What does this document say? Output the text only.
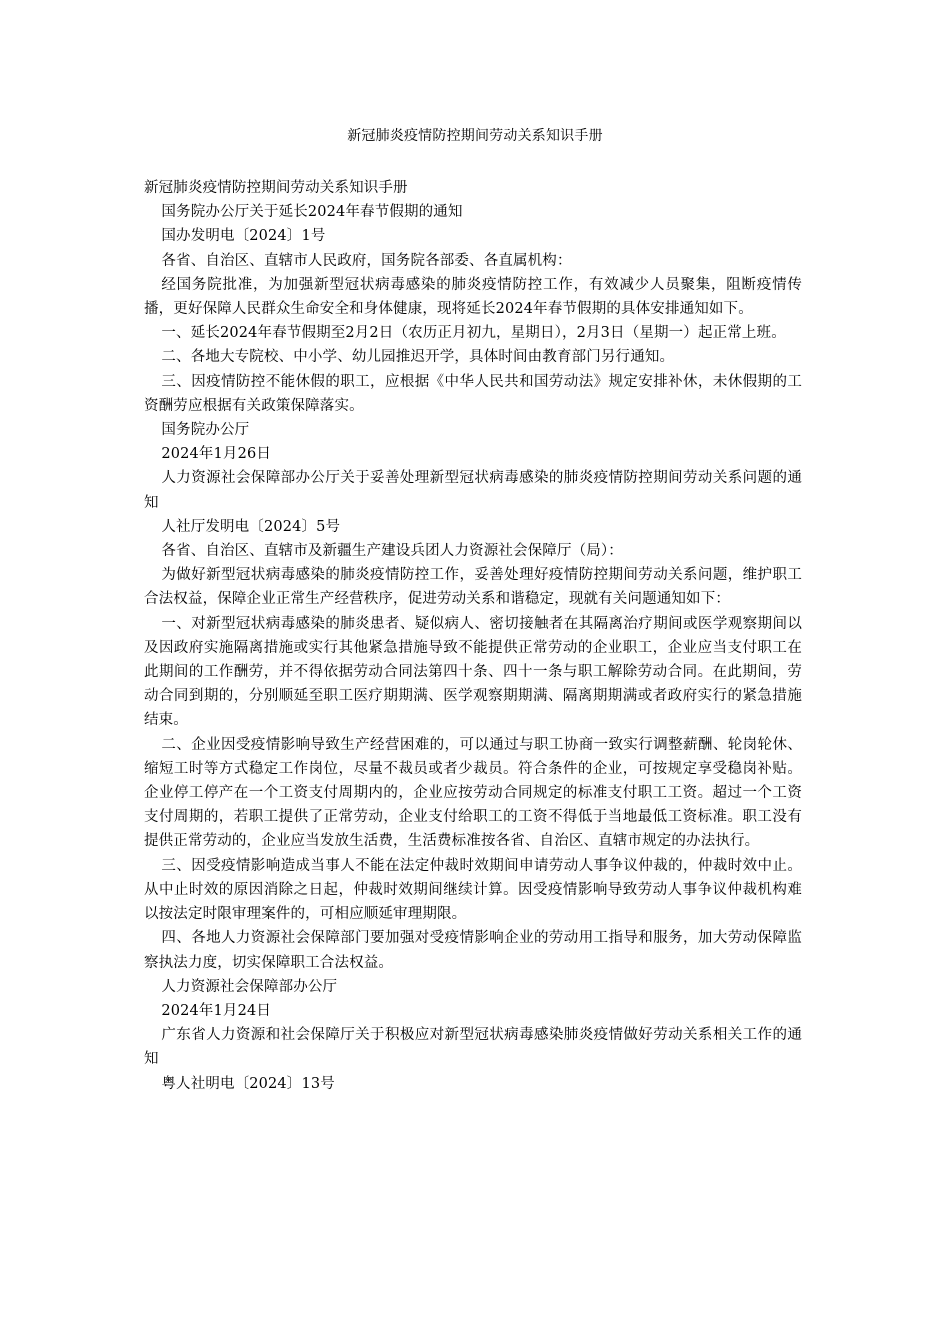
新冠肺炎疫情防控期间劳动关系知识手册

新冠肺炎疫情防控期间劳动关系知识手册

国务院办公厅关于延长2024年春节假期的通知

国办发明电〔2024〕1号

各省、自治区、直辖市人民政府，国务院各部委、各直属机构：

经国务院批准，为加强新型冠状病毒感染的肺炎疫情防控工作，有效减少人员聚集，阻断疫情传播，更好保障人民群众生命安全和身体健康，现将延长2024年春节假期的具体安排通知如下。

一、延长2024年春节假期至2月2日（农历正月初九，星期日），2月3日（星期一）起正常上班。

二、各地大专院校、中小学、幼儿园推迟开学，具体时间由教育部门另行通知。

三、因疫情防控不能休假的职工，应根据《中华人民共和国劳动法》规定安排补休，未休假期的工资酬劳应根据有关政策保障落实。

国务院办公厅

2024年1月26日

人力资源社会保障部办公厅关于妥善处理新型冠状病毒感染的肺炎疫情防控期间劳动关系问题的通知

人社厅发明电〔2024〕5号

各省、自治区、直辖市及新疆生产建设兵团人力资源社会保障厅（局）：

为做好新型冠状病毒感染的肺炎疫情防控工作，妥善处理好疫情防控期间劳动关系问题，维护职工合法权益，保障企业正常生产经营秩序，促进劳动关系和谐稳定，现就有关问题通知如下：

一、对新型冠状病毒感染的肺炎患者、疑似病人、密切接触者在其隔离治疗期间或医学观察期间以及因政府实施隔离措施或实行其他紧急措施导致不能提供正常劳动的企业职工，企业应当支付职工在此期间的工作酬劳，并不得依据劳动合同法第四十条、四十一条与职工解除劳动合同。在此期间，劳动合同到期的，分别顺延至职工医疗期期满、医学观察期期满、隔离期期满或者政府实行的紧急措施结束。

二、企业因受疫情影响导致生产经营困难的，可以通过与职工协商一致实行调整薪酬、轮岗轮休、缩短工时等方式稳定工作岗位，尽量不裁员或者少裁员。符合条件的企业，可按规定享受稳岗补贴。企业停工停产在一个工资支付周期内的，企业应按劳动合同规定的标准支付职工工资。超过一个工资支付周期的，若职工提供了正常劳动，企业支付给职工的工资不得低于当地最低工资标准。职工没有提供正常劳动的，企业应当发放生活费，生活费标准按各省、自治区、直辖市规定的办法执行。

三、因受疫情影响造成当事人不能在法定仲裁时效期间申请劳动人事争议仲裁的，仲裁时效中止。从中止时效的原因消除之日起，仲裁时效期间继续计算。因受疫情影响导致劳动人事争议仲裁机构难以按法定时限审理案件的，可相应顺延审理期限。

四、各地人力资源社会保障部门要加强对受疫情影响企业的劳动用工指导和服务，加大劳动保障监察执法力度，切实保障职工合法权益。

人力资源社会保障部办公厅

2024年1月24日

广东省人力资源和社会保障厅关于积极应对新型冠状病毒感染肺炎疫情做好劳动关系相关工作的通知

粤人社明电〔2024〕13号
